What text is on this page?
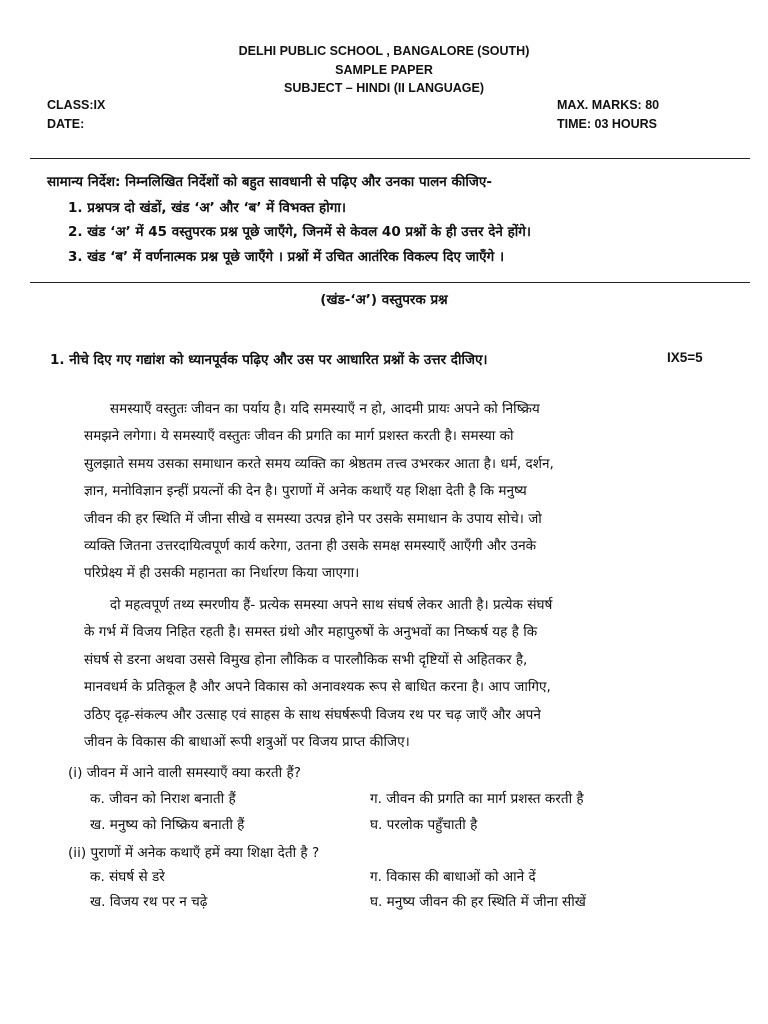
DELHI PUBLIC SCHOOL , BANGALORE (SOUTH)
SAMPLE PAPER
SUBJECT – HINDI (II LANGUAGE)
CLASS:IX
DATE:
MAX. MARKS: 80
TIME: 03 HOURS
सामान्य निर्देश: निम्नलिखित निर्देशों को बहुत सावधानी से पढ़िए और उनका पालन कीजिए-
1. प्रश्नपत्र दो खंडों, खंड ‘अ’ और ‘ब’ में विभक्त होगा।
2. खंड ‘अ’ में 45 वस्तुपरक प्रश्न पूछे जाएँगे, जिनमें से केवल 40 प्रश्नों के ही उत्तर देने होंगे।
3. खंड ‘ब’ में वर्णनात्मक प्रश्न पूछे जाएँगे । प्रश्नों में उचित आतंरिक विकल्प दिए जाएँगे ।
(खंड-‘अ’) वस्तुपरक प्रश्न
1. नीचे दिए गए गद्यांश को ध्यानपूर्वक पढ़िए और उस पर आधारित प्रश्नों के उत्तर दीजिए।	IX5=5
समस्याएँ वस्तुतः जीवन का पर्याय है। यदि समस्याएँ न हो, आदमी प्रायः अपने को निष्क्रिय
समझने लगेगा। ये समस्याएँ वस्तुतः जीवन की प्रगति का मार्ग प्रशस्त करती है। समस्या को
सुलझाते समय उसका समाधान करते समय व्यक्ति का श्रेष्ठतम तत्त्व उभरकर आता है। धर्म, दर्शन,
ज्ञान, मनोविज्ञान इन्हीं प्रयत्नों की देन है। पुराणों में अनेक कथाएँ यह शिक्षा देती है कि मनुष्य
जीवन की हर स्थिति में जीना सीखे व समस्या उत्पन्न होने पर उसके समाधान के उपाय सोचे। जो
व्यक्ति जितना उत्तरदायित्वपूर्ण कार्य करेगा, उतना ही उसके समक्ष समस्याएँ आएँगी और उनके
परिप्रेक्ष्य में ही उसकी महानता का निर्धारण किया जाएगा।
दो महत्वपूर्ण तथ्य स्मरणीय हैं- प्रत्येक समस्या अपने साथ संघर्ष लेकर आती है। प्रत्येक संघर्ष
के गर्भ में विजय निहित रहती है। समस्त ग्रंथो और महापुरुषों के अनुभवों का निष्कर्ष यह है कि
संघर्ष से डरना अथवा उससे विमुख होना लौकिक व पारलौकिक सभी दृष्टियों से अहितकर है,
मानवधर्म के प्रतिकूल है और अपने विकास को अनावश्यक रूप से बाधित करना है। आप जागिए,
उठिए दृढ़-संकल्प और उत्साह एवं साहस के साथ संघर्षरूपी विजय रथ पर चढ़ जाएँ और अपने
जीवन के विकास की बाधाओं रूपी शत्रुओं पर विजय प्राप्त कीजिए।
(i) जीवन में आने वाली समस्याएँ क्या करती हैं?
क. जीवन को निराश बनाती हैं	ग. जीवन की प्रगति का मार्ग प्रशस्त करती है
ख. मनुष्य को निष्क्रिय बनाती हैं	घ. परलोक पहुँचाती है
(ii) पुराणों में अनेक कथाएँ हमें क्या शिक्षा देती है ?
क. संघर्ष से डरे	ग. विकास की बाधाओं को आने दें
ख. विजय रथ पर न चढ़े	घ. मनुष्य जीवन की हर स्थिति में जीना सीखें
